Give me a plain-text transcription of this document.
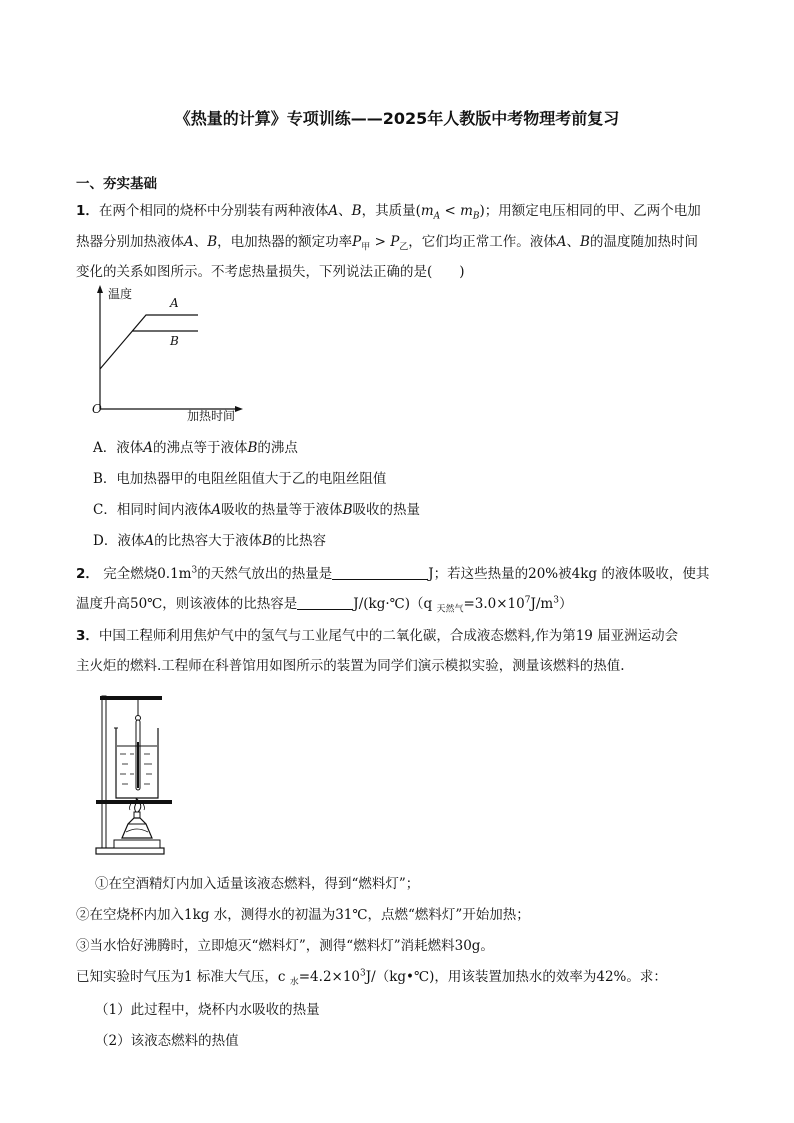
《热量的计算》专项训练——2025年人教版中考物理考前复习
一、夯实基础
1．在两个相同的烧杯中分别装有两种液体A、B，其质量$(m_A < m_B)$；用额定电压相同的甲、乙两个电加
热器分别加热液体A、B，电加热器的额定功率$P_甲 > P_乙$，它们均正常工作。液体A、B的温度随加热时间
变化的关系如图所示。不考虑热量损失，下列说法正确的是(　　)
温度
A
B
O	加热时间
A．液体A的沸点等于液体B的沸点
B．电加热器甲的电阻丝阻值大于乙的电阻丝阻值
C．相同时间内液体A吸收的热量等于液体B吸收的热量
D．液体A的比热容大于液体B的比热容
2． 完全燃烧$0.1m^3$的天然气放出的热量是	J；若这些热量的20%被4kg 的液体吸收，使其
温度升高50℃，则该液体的比热容是	J/(kg·℃)（q $_{天然气}=3.0\times 10^7J/m^3$）
3．中国工程师利用焦炉气中的氢气与工业尾气中的二氧化碳，合成液态燃料,作为第19 届亚洲运动会
主火炬的燃料.工程师在科普馆用如图所示的装置为同学们演示模拟实验，测量该燃料的热值.
①在空酒精灯内加入适量该液态燃料，得到“燃料灯”；
②在空烧杯内加入1kg 水，测得水的初温为31℃，点燃“燃料灯”开始加热；
③当水恰好沸腾时，立即熄灭“燃料灯”，测得“燃料灯”消耗燃料30g。
已知实验时气压为1 标准大气压，c $_水=4.2\times 10^3J/(kg•℃)$，用该装置加热水的效率为42%。求：
（1）此过程中，烧杯内水吸收的热量
（2）该液态燃料的热值
